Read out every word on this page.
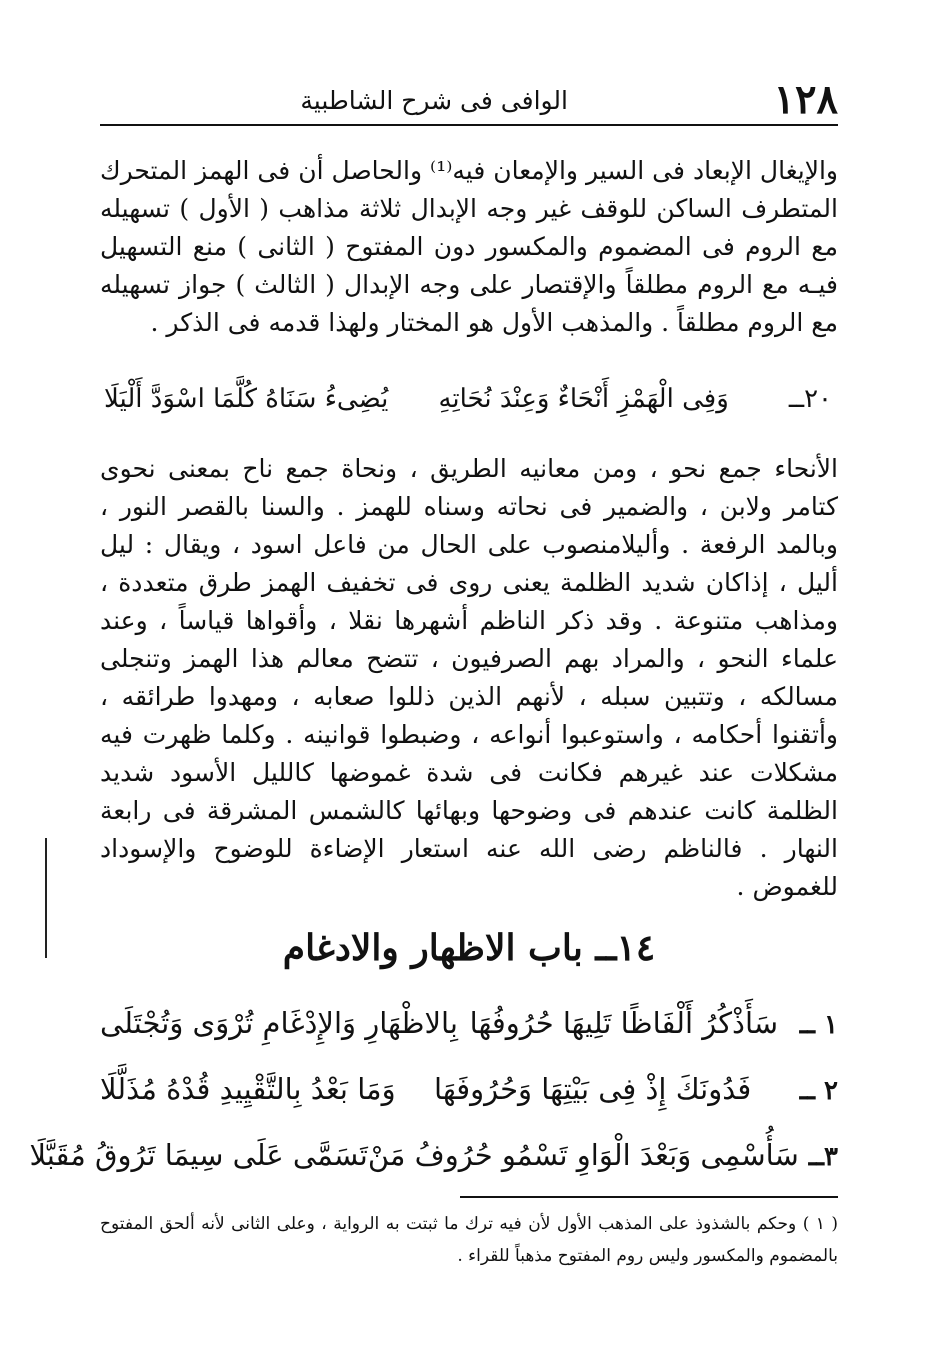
١٢٨
الوافى فى شرح الشاطبية

والإيغال الإبعاد فى السير والإمعان فيه⁽¹⁾ والحاصل أن فى الهمز المتحرك المتطرف الساكن للوقف غير وجه الإبدال ثلاثة مذاهب ( الأول ) تسهيله مع الروم فى المضموم والمكسور دون المفتوح ( الثانى ) منع التسهيل فيـه مع الروم مطلقاً والإقتصار على وجه الإبدال ( الثالث ) جواز تسهيله مع الروم مطلقاً . والمذهب الأول هو المختار ولهذا قدمه فى الذكر .

٢٠ــ
وَفِى الْهَمْزِ أَنْحَاءٌ وَعِنْدَ نُحَاتِهِ
يُضِىءُ سَنَاهُ كُلَّمَا اسْوَدَّ أَلْيَلَا

الأنحاء جمع نحو ، ومن معانيه الطريق ، ونحاة جمع ناح بمعنى نحوى كتامر ولابن ، والضمير فى نحاته وسناه للهمز . والسنا بالقصر النور ، وبالمد الرفعة . وأليلامنصوب على الحال من فاعل اسود ، ويقال : ليل أليل ، إذاكان شديد الظلمة يعنى روى فى تخفيف الهمز طرق متعددة ، ومذاهب متنوعة . وقد ذكر الناظم أشهرها نقلا ، وأقواها قياساً ، وعند علماء النحو ، والمراد بهم الصرفيون ، تتضح معالم هذا الهمز وتنجلى مسالكه ، وتتبين سبله ، لأنهم الذين ذللوا صعابه ، ومهدوا طرائقه ، وأتقنوا أحكامه ، واستوعبوا أنواعه ، وضبطوا قوانينه . وكلما ظهرت فيه مشكلات عند غيرهم فكانت فى شدة غموضها كالليل الأسود شديد الظلمة كانت عندهم فى وضوحها وبهائها كالشمس المشرقة فى رابعة النهار . فالناظم رضى الله عنه استعار الإضاءة للوضوح والإسوداد للغموض .

١٤ــ باب الاظهار والادغام
١ ــ
سَأَذْكُرُ أَلْفَاظًا تَلِيهَا حُرُوفُهَا
بِالاظْهَارِ وَالإِدْغَامِ تُرْوَى وَتُجْتَلَى
٢ ــ
فَدُونَكَ إِذْ فِى بَيْتِهَا وَحُرُوفَهَا
وَمَا بَعْدُ بِالتَّقْيِيدِ قُدْهُ مُذَلَّلَا
٣ــ
سَأُسْمِى وَبَعْدَ الْوَاوِ تَسْمُو حُرُوفُ مَنْ
تَسَمَّى عَلَى سِيمَا تَرُوقُ مُقَبَّلَا

( ١ ) وحكم بالشذوذ على المذهب الأول لأن فيه ترك ما ثبتت به الرواية ، وعلى الثانى لأنه ألحق المفتوح بالمضموم والمكسور وليس روم المفتوح مذهباً للقراء .
